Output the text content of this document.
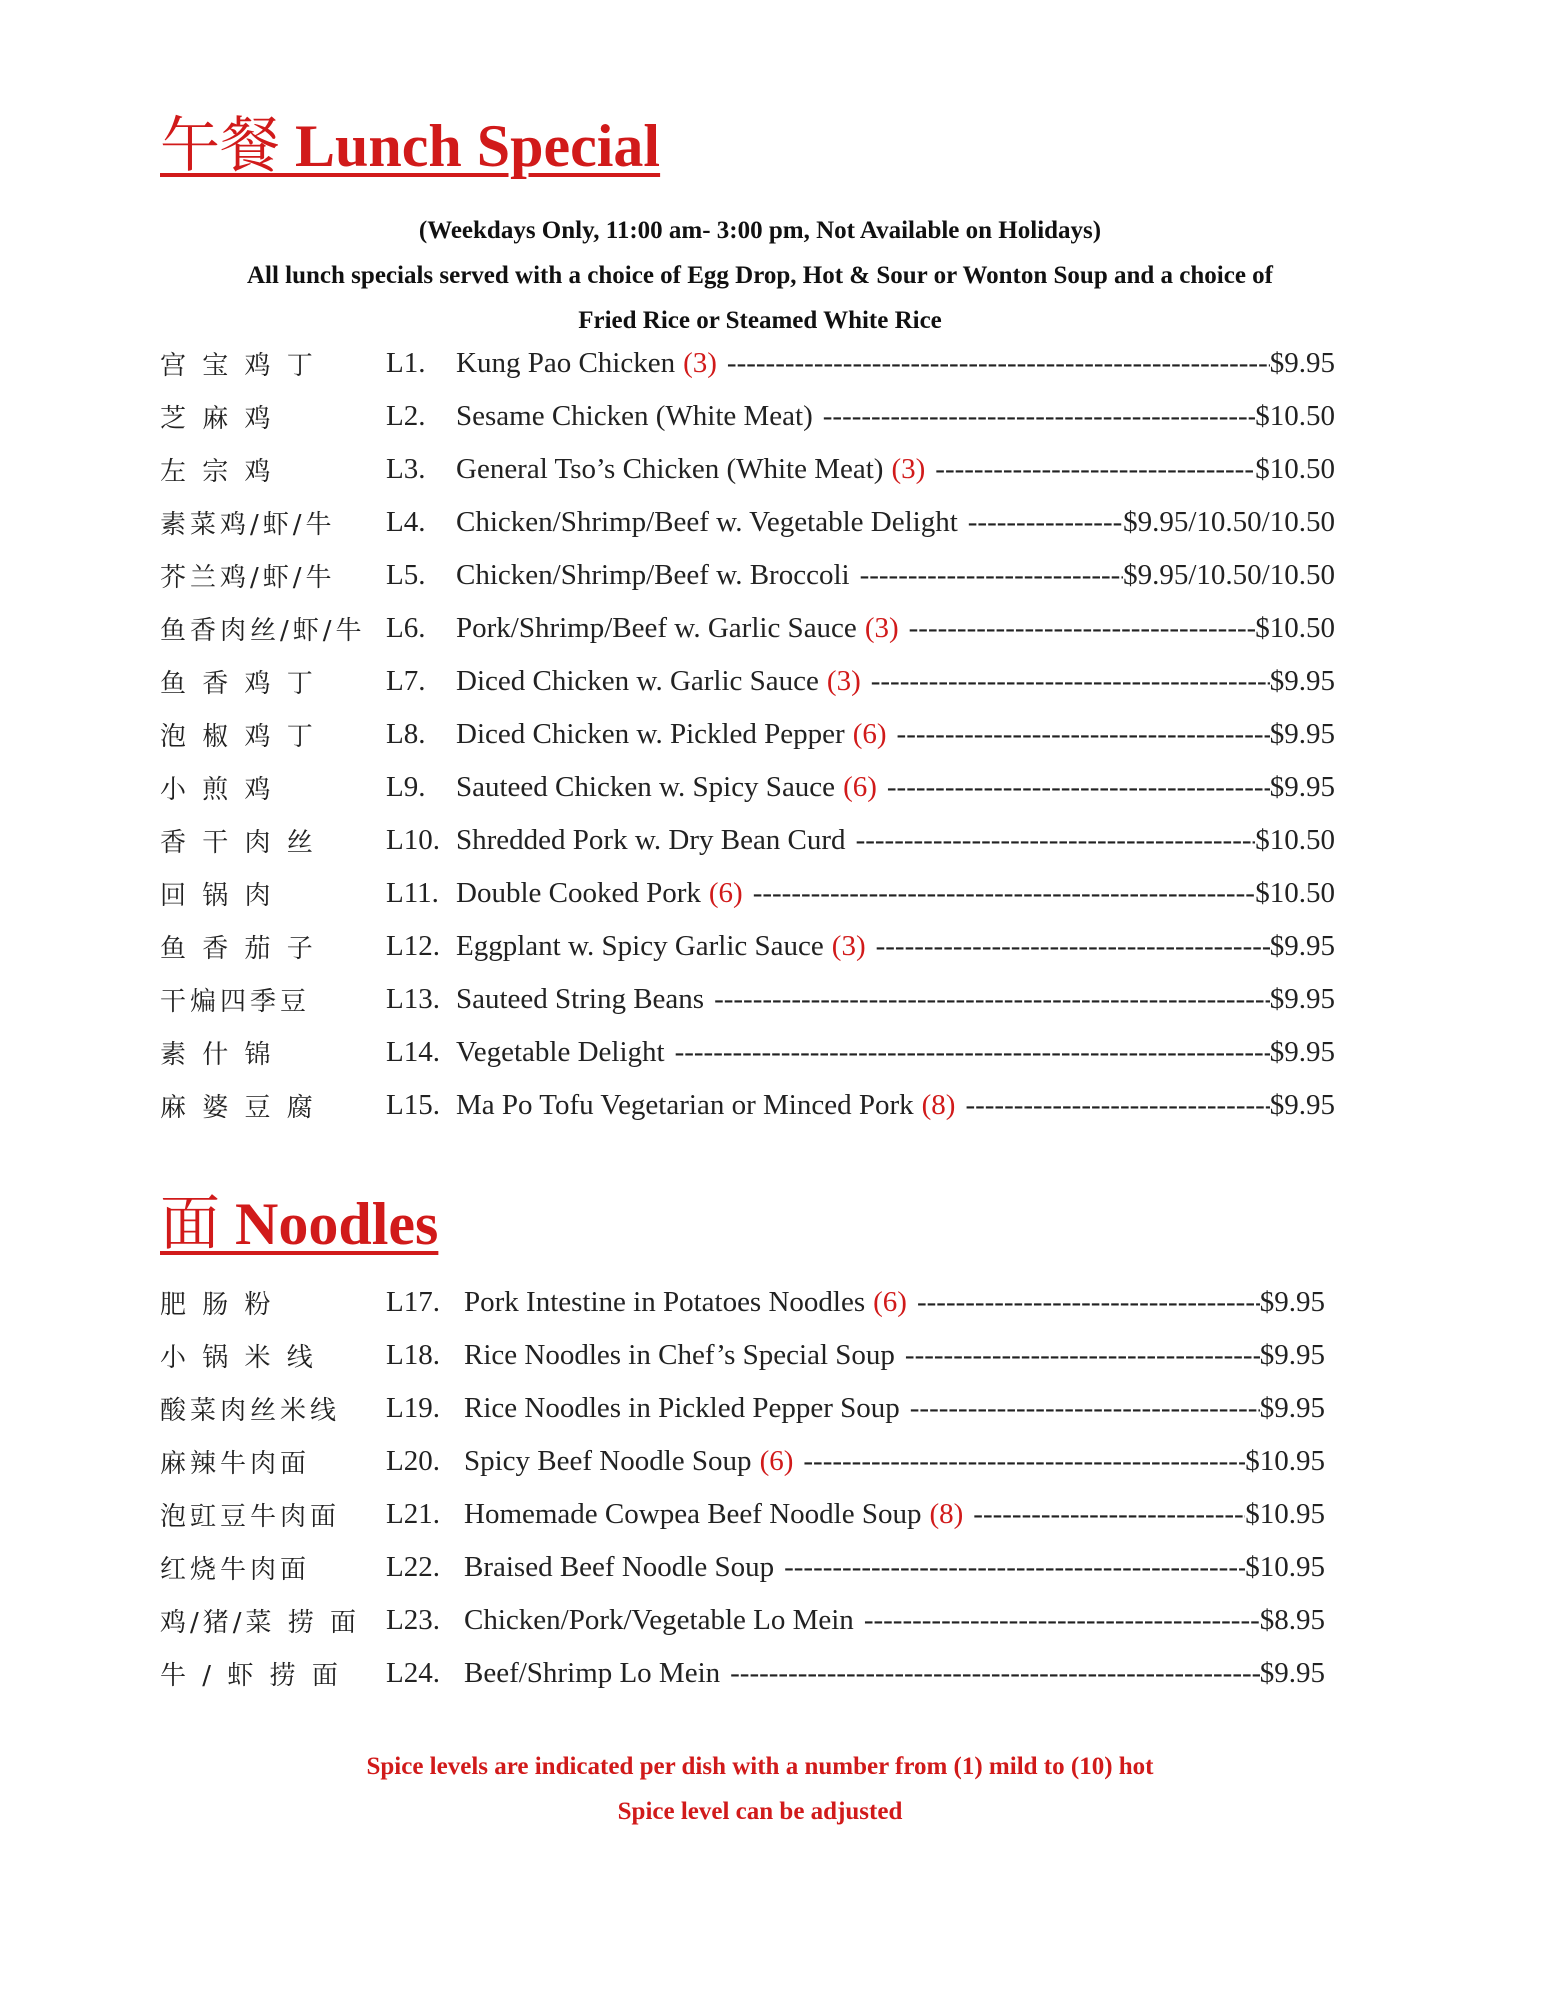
午餐 Lunch Special
(Weekdays Only, 11:00 am- 3:00 pm, Not Available on Holidays)
All lunch specials served with a choice of Egg Drop, Hot & Sour or Wonton Soup and a choice of
Fried Rice or Steamed White Rice
宫 宝 鸡 丁	L1.	Kung Pao Chicken (3) -----	$9.95
芝 麻 鸡	L2.	Sesame Chicken (White Meat) -----	$10.50
左 宗 鸡	L3.	General Tso’s Chicken (White Meat) (3) -----	$10.50
素菜鸡/虾/牛	L4.	Chicken/Shrimp/Beef w. Vegetable Delight -----	$9.95/10.50/10.50
芥兰鸡/虾/牛	L5.	Chicken/Shrimp/Beef w. Broccoli -----	$9.95/10.50/10.50
鱼香肉丝/虾/牛 L6.	Pork/Shrimp/Beef w. Garlic Sauce (3) -----	$10.50
鱼 香 鸡 丁	L7.	Diced Chicken w. Garlic Sauce (3) -----	$9.95
泡 椒 鸡 丁	L8.	Diced Chicken w. Pickled Pepper (6) -----	$9.95
小 煎 鸡	L9.	Sauteed Chicken w. Spicy Sauce (6) -----	$9.95
香 干 肉 丝	L10. Shredded Pork w. Dry Bean Curd -----	$10.50
回 锅 肉	L11. Double Cooked Pork (6) -----	$10.50
鱼 香 茄 子	L12. Eggplant w. Spicy Garlic Sauce (3) -----	$9.95
干煸四季豆	L13. Sauteed String Beans -----	$9.95
素 什 锦	L14. Vegetable Delight -----	$9.95
麻 婆 豆 腐	L15. Ma Po Tofu Vegetarian or Minced Pork (8) -----	$9.95
面 Noodles
肥 肠 粉	L17. Pork Intestine in Potatoes Noodles (6) -----	$9.95
小 锅 米 线	L18. Rice Noodles in Chef’s Special Soup -----	$9.95
酸菜肉丝米线	L19. Rice Noodles in Pickled Pepper Soup -----	$9.95
麻辣牛肉面	L20. Spicy Beef Noodle Soup (6) -----	$10.95
泡豇豆牛肉面	L21. Homemade Cowpea Beef Noodle Soup (8) -----	$10.95
红烧牛肉面	L22. Braised Beef Noodle Soup -----	$10.95
鸡/猪/菜 捞 面 L23. Chicken/Pork/Vegetable Lo Mein -----	$8.95
牛 / 虾 捞 面	L24. Beef/Shrimp Lo Mein -----	$9.95
Spice levels are indicated per dish with a number from (1) mild to (10) hot
Spice level can be adjusted
